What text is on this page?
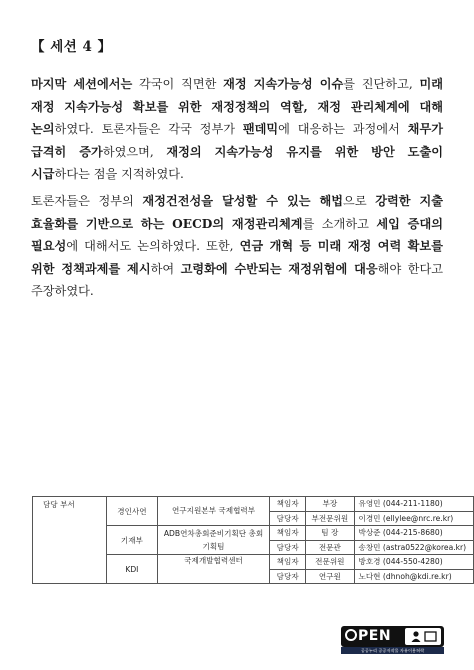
【 세션 4 】
마지막 세션에서는 각국이 직면한 재정 지속가능성 이슈를 진단하고, 미래 재정 지속가능성 확보를 위한 재정정책의 역할, 재정 관리체계에 대해 논의하였다. 토론자들은 각국 정부가 팬데믹에 대응하는 과정에서 채무가 급격히 증가하였으며, 재정의 지속가능성 유지를 위한 방안 도출이 시급하다는 점을 지적하였다.
토론자들은 정부의 재정건전성을 달성할 수 있는 해법으로 강력한 지출 효율화를 기반으로 하는 OECD의 재정관리체계를 소개하고 세입 증대의 필요성에 대해서도 논의하였다. 또한, 연금 개혁 등 미래 재정 여력 확보를 위한 정책과제를 제시하여 고령화에 수반되는 재정위험에 대응해야 한다고 주장하였다.
담당 부서	경인사연	연구지원본부 국제협력부	책임자	부장	유영민 (044-211-1180)
			담당자	부전문위원	이경민 (ellylee@nrc.re.kr)
	기재부	ADB연차총회준비기획단 총회기획팀	책임자	팀 장	박상준 (044-215-8680)
			담당자	전문관	송창민 (astra0522@korea.kr)
	KDI	국제개발협력센터	책임자	전문위원	방호경 (044-550-4280)
			담당자	연구원	노다현 (dhnoh@kdi.re.kr)
PEN
공공누리 공공저작물 자유이용허락
